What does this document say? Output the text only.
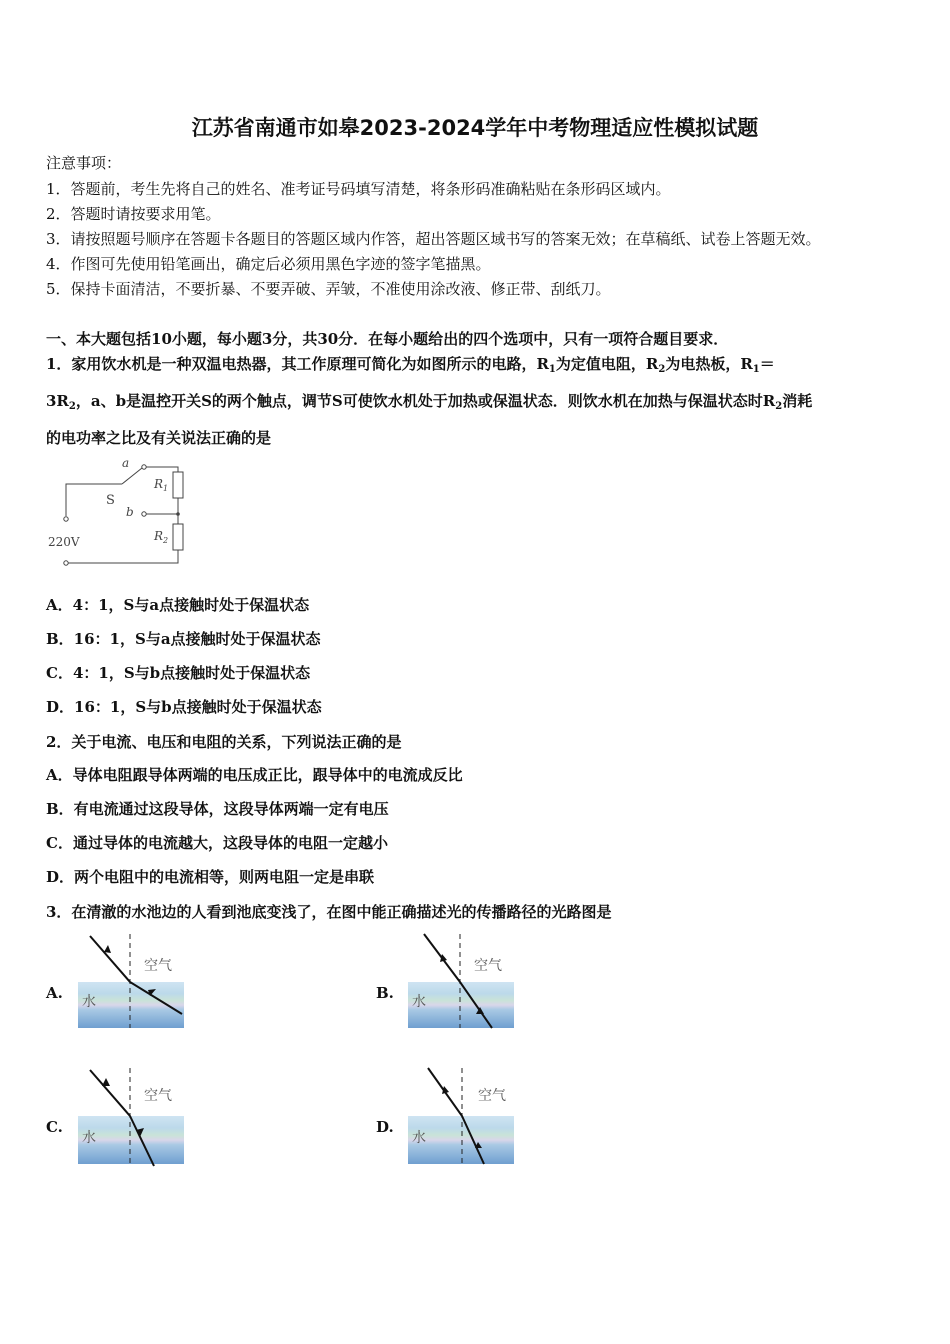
江苏省南通市如皋2023-2024学年中考物理适应性模拟试题
注意事项：
1．答题前，考生先将自己的姓名、准考证号码填写清楚，将条形码准确粘贴在条形码区域内。
2．答题时请按要求用笔。
3．请按照题号顺序在答题卡各题目的答题区域内作答，超出答题区域书写的答案无效；在草稿纸、试卷上答题无效。
4．作图可先使用铅笔画出，确定后必须用黑色字迹的签字笔描黑。
5．保持卡面清洁，不要折暴、不要弄破、弄皱，不准使用涂改液、修正带、刮纸刀。
一、本大题包括10小题，每小题3分，共30分．在每小题给出的四个选项中，只有一项符合题目要求．
1．家用饮水机是一种双温电热器，其工作原理可简化为如图所示的电路，$R_1$为定值电阻，$R_2$为电热板，$R_1=$
$3R_2$，a、b是温控开关S的两个触点，调节S可使饮水机处于加热或保温状态．则饮水机在加热与保温状态时$R_2$消耗
的电功率之比及有关说法正确的是
a
b
S
$R_1$
$R_2$
220V
A．4：1，S与a点接触时处于保温状态
B．16：1，S与a点接触时处于保温状态
C．4：1，S与b点接触时处于保温状态
D．16：1，S与b点接触时处于保温状态
2．关于电流、电压和电阻的关系，下列说法正确的是
A．导体电阻跟导体两端的电压成正比，跟导体中的电流成反比
B．有电流通过这段导体，这段导体两端一定有电压
C．通过导体的电流越大，这段导体的电阻一定越小
D．两个电阻中的电流相等，则两电阻一定是串联
3．在清澈的水池边的人看到池底变浅了，在图中能正确描述光的传播路径的光路图是
A.
空气
水	B.
空气
水
C.
空气
水
D.
空气
水
